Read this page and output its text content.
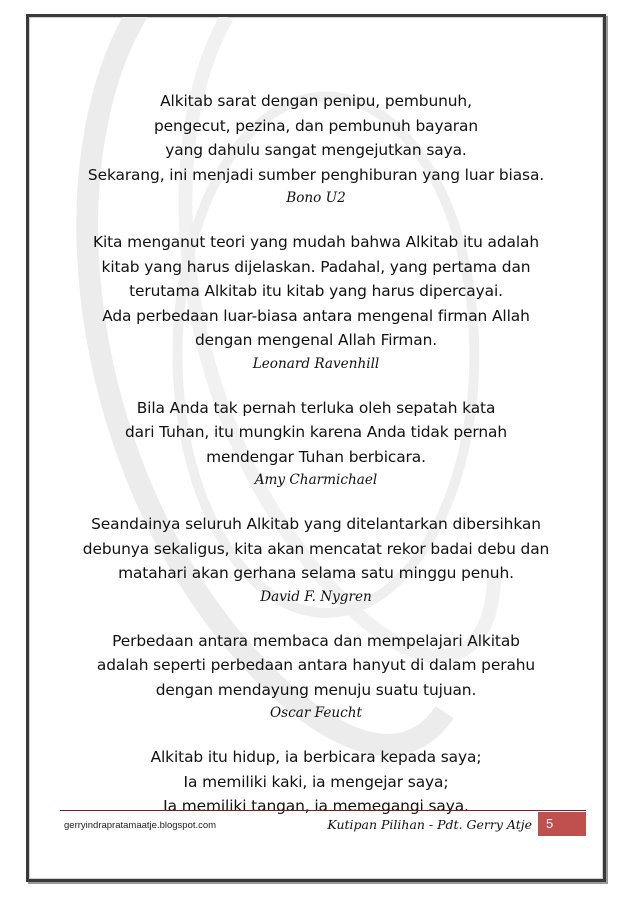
Alkitab sarat dengan penipu, pembunuh,

pengecut, pezina, dan pembunuh bayaran

yang dahulu sangat mengejutkan saya.

Sekarang, ini menjadi sumber penghiburan yang luar biasa.

Bono U2

Kita menganut teori yang mudah bahwa Alkitab itu adalah

kitab yang harus dijelaskan. Padahal, yang pertama dan

terutama Alkitab itu kitab yang harus dipercayai.

Ada perbedaan luar-biasa antara mengenal firman Allah

dengan mengenal Allah Firman.

Leonard Ravenhill

Bila Anda tak pernah terluka oleh sepatah kata

dari Tuhan, itu mungkin karena Anda tidak pernah

mendengar Tuhan berbicara.

Amy Charmichael

Seandainya seluruh Alkitab yang ditelantarkan dibersihkan

debunya sekaligus, kita akan mencatat rekor badai debu dan

matahari akan gerhana selama satu minggu penuh.

David F. Nygren

Perbedaan antara membaca dan mempelajari Alkitab

adalah seperti perbedaan antara hanyut di dalam perahu

dengan mendayung menuju suatu tujuan.

Oscar Feucht

Alkitab itu hidup, ia berbicara kepada saya;

Ia memiliki kaki, ia mengejar saya;

Ia memiliki tangan, ia memegangi saya.

gerryindrapratamaatje.blogspot.com	Kutipan Pilihan - Pdt. Gerry Atje	5
